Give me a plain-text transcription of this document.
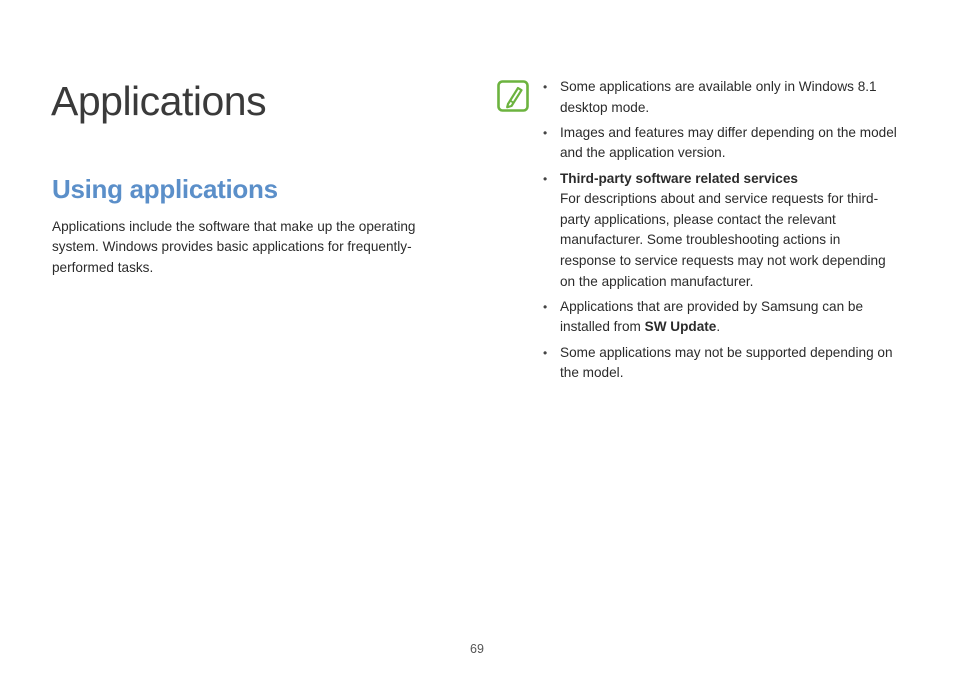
Applications
Using applications

Applications include the software that make up the operating system. Windows provides basic applications for frequently-performed tasks.

• Some applications are available only in Windows 8.1 desktop mode.
• Images and features may differ depending on the model and the application version.
• Third-party software related services
For descriptions about and service requests for third-party applications, please contact the relevant manufacturer. Some troubleshooting actions in response to service requests may not work depending on the application manufacturer.
• Applications that are provided by Samsung can be installed from SW Update.
• Some applications may not be supported depending on the model.
69
